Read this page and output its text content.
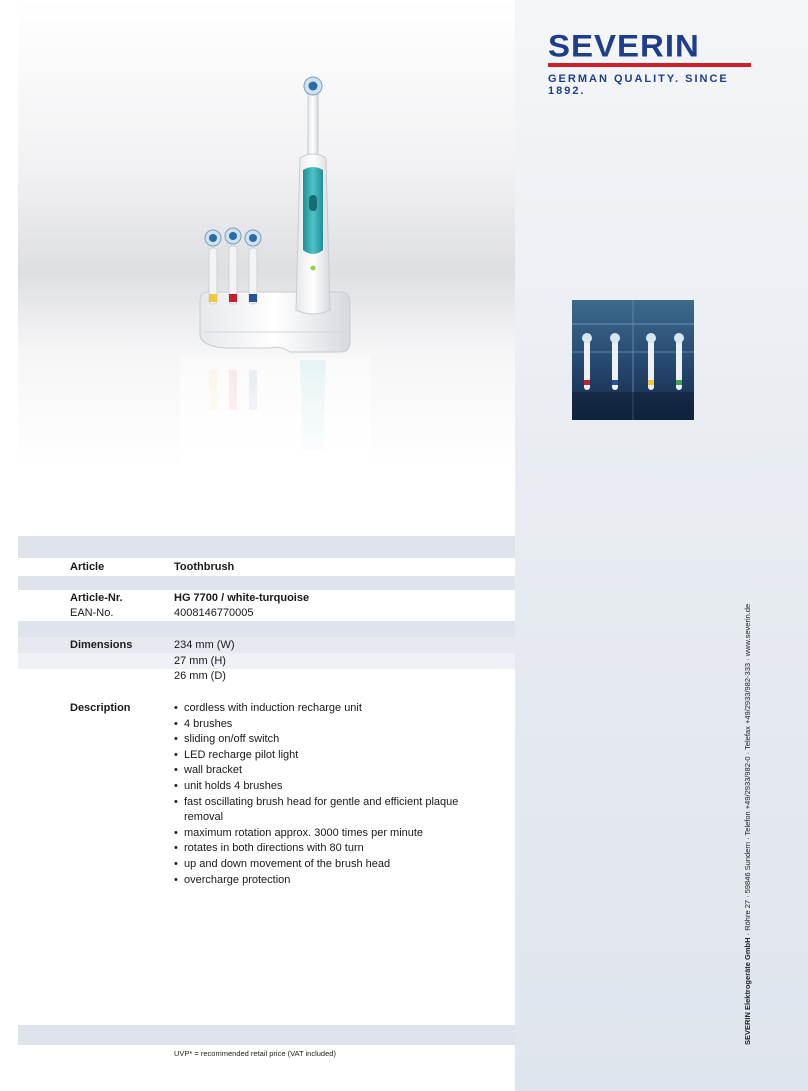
SEVERIN
GERMAN QUALITY. SINCE 1892.
Article	Toothbrush
Article-Nr.	HG 7700 / white-turquoise
EAN-No.	4008146770005
Dimensions	234 mm (W)
27 mm (H)
26 mm (D)
Description
•	cordless with induction recharge unit
• 4 brushes
• sliding on/off switch
• LED recharge pilot light
• wall bracket
• unit holds 4 brushes
• fast oscillating brush head for gentle and efficient plaque removal
• maximum rotation approx. 3000 times per minute
• rotates in both directions with 80 turn
• up and down movement of the brush head
• overcharge protection
UVP* = recommended retail price (VAT included)
SEVERIN Elektrogeräte GmbH · Röhre 27 · 59846 Sundern · Telefon +49/2933/982-0 · Telefax +49/2933/982-333 · www.severin.de
